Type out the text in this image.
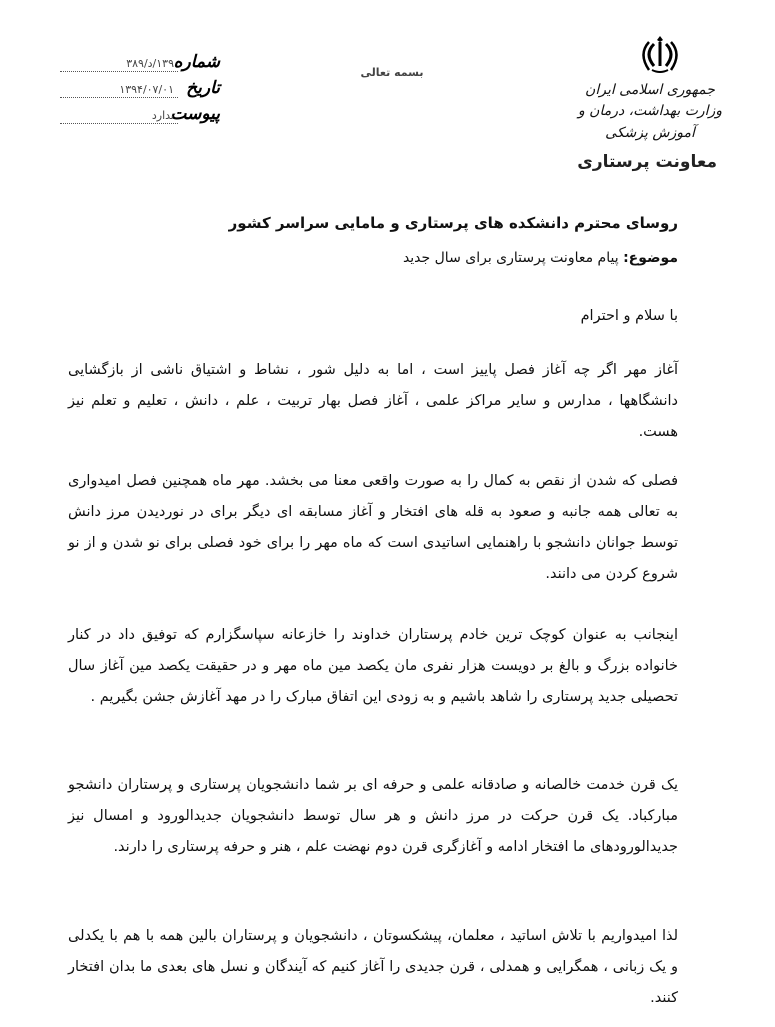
شماره
۱۳۹/د/۳۸۹
تاریخ
۱۳۹۴/۰۷/۰۱
پیوست
ندارد
بسمه تعالی
جمهوری اسلامی ایران
وزارت بهداشت، درمان و آموزش پزشکی
معاونت پرستاری
روسای محترم دانشکده های پرستاری و مامایی سراسر کشور
موضوع: پیام معاونت پرستاری برای سال جدید
با سلام و احترام
آغاز مهر اگر چه آغاز فصل پاییز است ، اما به دلیل شور ، نشاط و اشتیاق ناشی از بازگشایی دانشگاهها ، مدارس و سایر مراکز علمی ، آغاز فصل بهار تربیت ، علم ، دانش ، تعلیم و تعلم نیز هست.
فصلی که شدن از نقص به کمال را به صورت واقعی معنا می بخشد. مهر ماه همچنین فصل امیدواری به تعالی همه جانبه و صعود به قله های افتخار و آغاز مسابقه ای دیگر برای در نوردیدن مرز دانش توسط جوانان دانشجو با راهنمایی اساتیدی است که ماه مهر را برای خود فصلی برای نو شدن و از نو شروع کردن می دانند.
اینجانب به عنوان کوچک ترین خادم پرستاران خداوند را خازعانه سپاسگزارم که توفیق داد در کنار خانواده بزرگ و بالغ بر دویست هزار نفری مان یکصد مین ماه مهر و در حقیقت یکصد مین آغاز سال تحصیلی جدید پرستاری را شاهد باشیم و به زودی این اتفاق مبارک را در مهد آغازش جشن بگیریم .
یک قرن خدمت خالصانه و صادقانه علمی و حرفه ای بر شما دانشجویان پرستاری و پرستاران دانشجو مبارکباد. یک قرن حرکت در مرز دانش و هر سال توسط دانشجویان جدیدالورود و امسال نیز جدیدالورودهای ما افتخار ادامه و آغازگری قرن دوم نهضت علم ، هنر و حرفه پرستاری را دارند.
لذا امیدواریم با تلاش اساتید ، معلمان، پیشکسوتان ، دانشجویان و پرستاران بالین همه با هم با یکدلی و یک زبانی ، همگرایی و همدلی ، قرن جدیدی را آغاز کنیم که آیندگان و نسل های بعدی ما بدان افتخار کنند.
